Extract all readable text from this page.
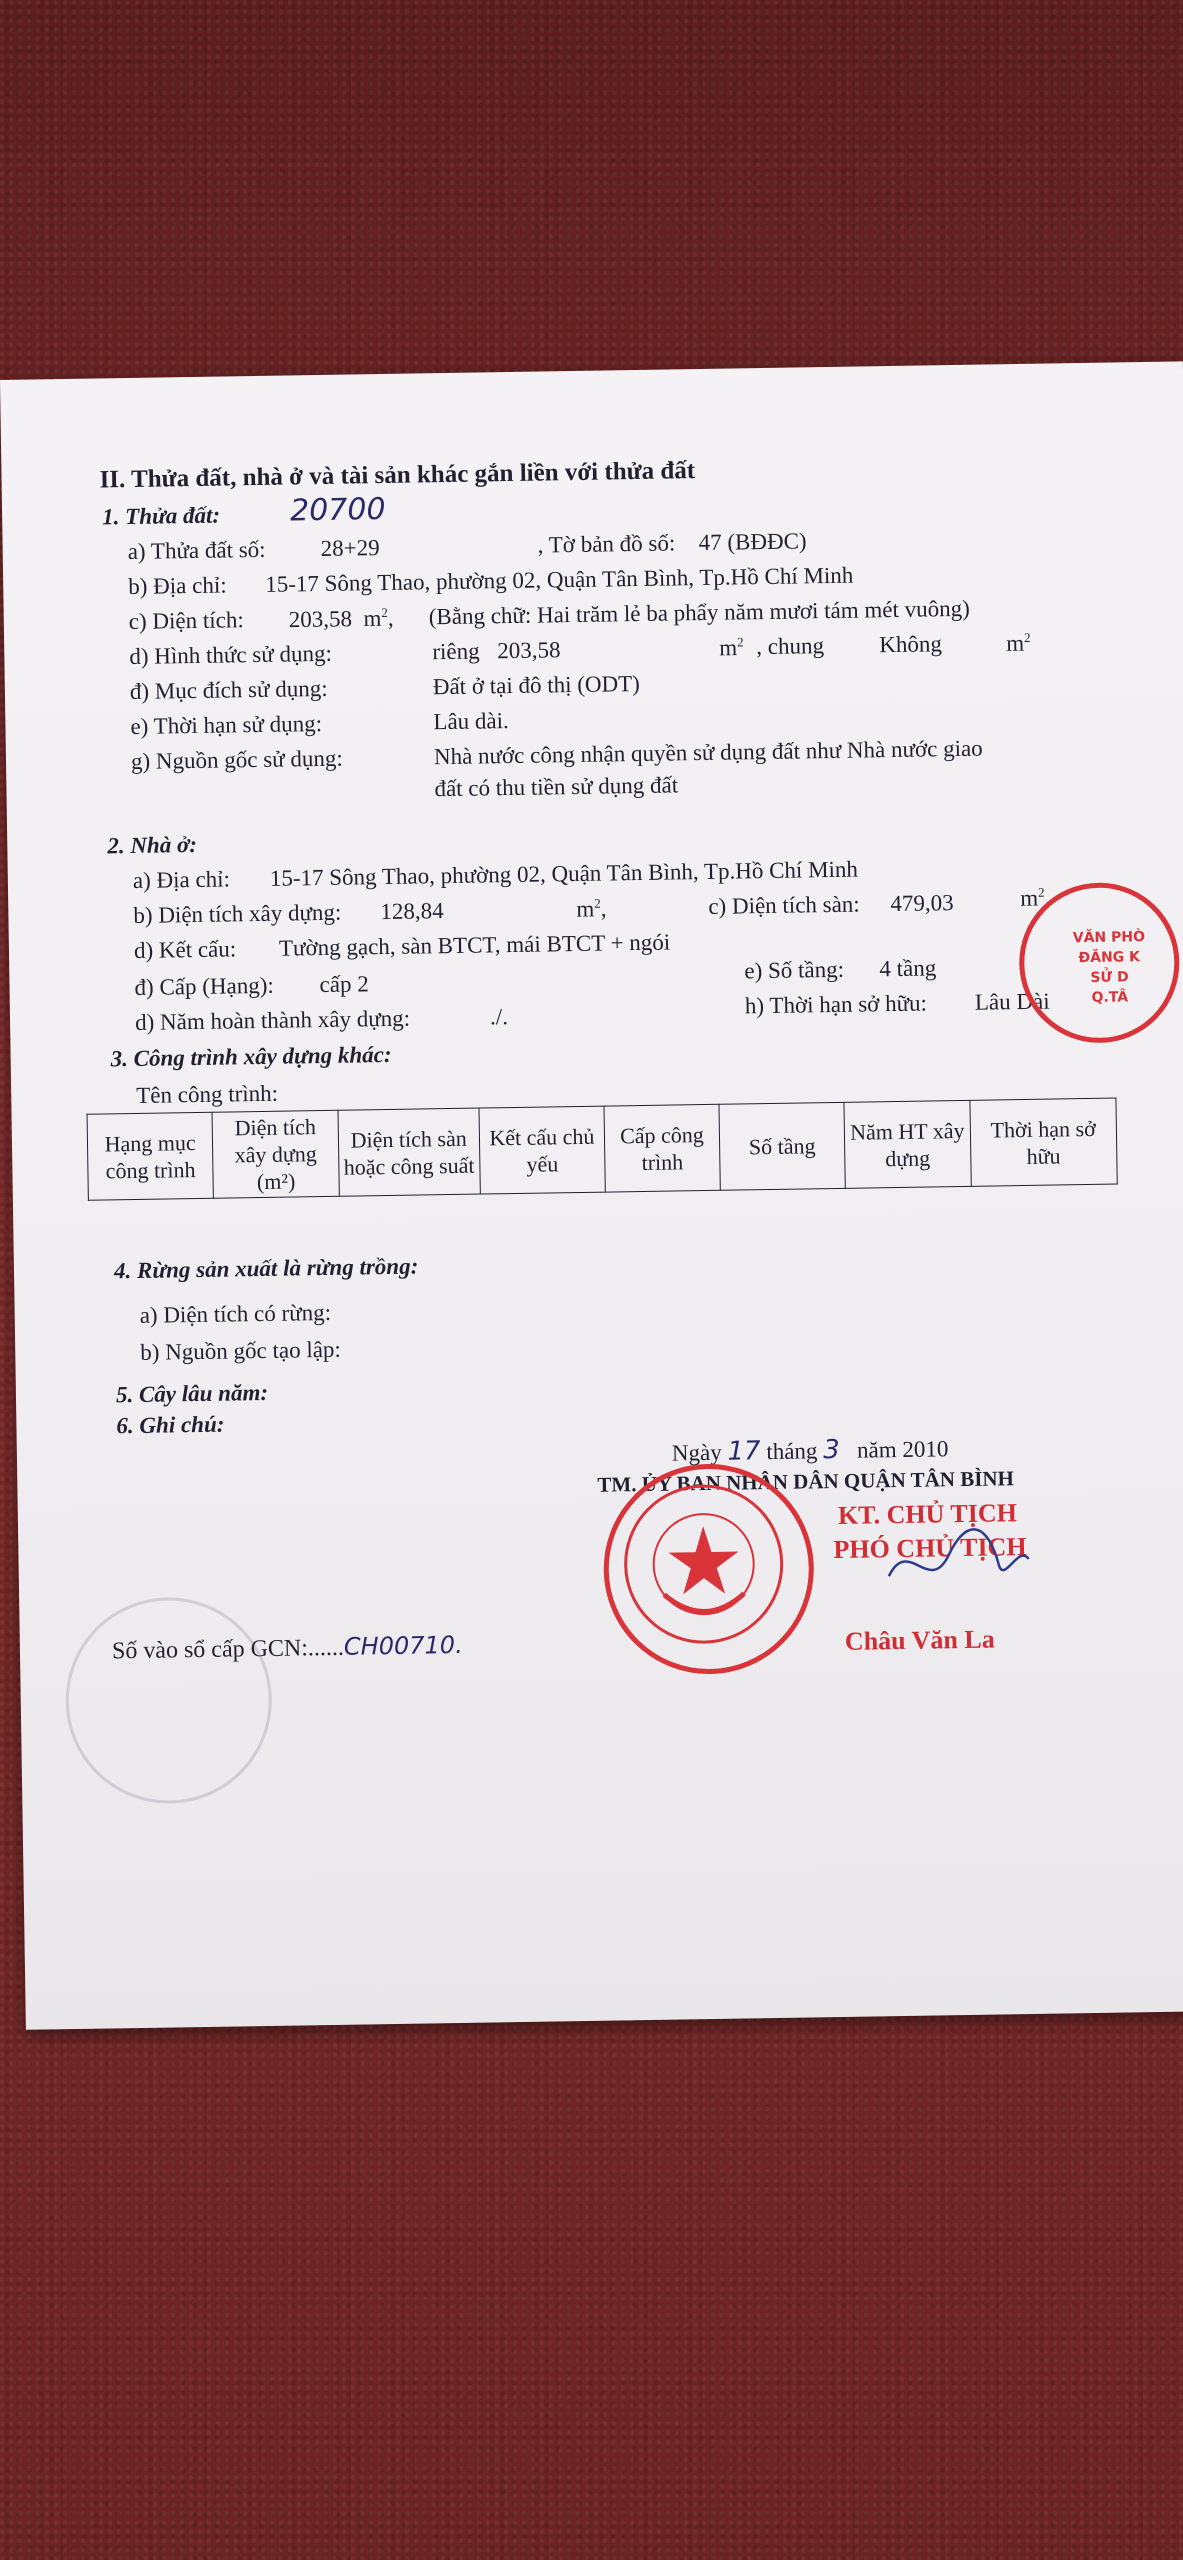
II. Thửa đất, nhà ở và tài sản khác gắn liền với thửa đất
1. Thửa đất: 20700
a) Thửa đất số: 28+29	, Tờ bản đồ số: 47 (BĐĐC)
b) Địa chỉ: 15-17 Sông Thao, phường 02, Quận Tân Bình, Tp.Hồ Chí Minh
c) Diện tích: 203,58 $m^2$, (Bằng chữ: Hai trăm lẻ ba phẩy năm mươi tám mét vuông)
d) Hình thức sử dụng:	riêng 203,58	$m^2$ , chung Không	$m^2$
đ) Mục đích sử dụng:	Đất ở tại đô thị (ODT)
e) Thời hạn sử dụng:	Lâu dài.
g) Nguồn gốc sử dụng:	Nhà nước công nhận quyền sử dụng đất như Nhà nước giao
đất có thu tiền sử dụng đất
2. Nhà ở:
a) Địa chỉ: 15-17 Sông Thao, phường 02, Quận Tân Bình, Tp.Hồ Chí Minh
b) Diện tích xây dựng: 128,84	$m^2$,	c) Diện tích sàn: 479,03	$m^2$
d) Kết cấu: Tường gạch, sàn BTCT, mái BTCT + ngói
đ) Cấp (Hạng): cấp 2
e) Số tầng: 4 tầng
d) Năm hoàn thành xây dựng:	./.	h) Thời hạn sở hữu: Lâu Dài
3. Công trình xây dựng khác:
Tên công trình:
Hạng mục công trình	Diện tích xây dựng (m²)	Diện tích sàn hoặc công suất	Kết cấu chủ yếu	Cấp công trình	Số tầng	Năm HT xây dựng	Thời hạn sở hữu
4. Rừng sản xuất là rừng trồng:
a) Diện tích có rừng:
b) Nguồn gốc tạo lập:
5. Cây lâu năm:
6. Ghi chú:
Ngày 17 tháng 3 năm 2010
TM. ỦY BAN NHÂN DÂN QUẬN TÂN BÌNH
KT. CHỦ TỊCH
PHÓ CHỦ TỊCH
Châu Văn La
VĂN PHÒ
ĐĂNG K
SỬ D
Q.TÂ
Số vào sổ cấp GCN:......CH00710.
